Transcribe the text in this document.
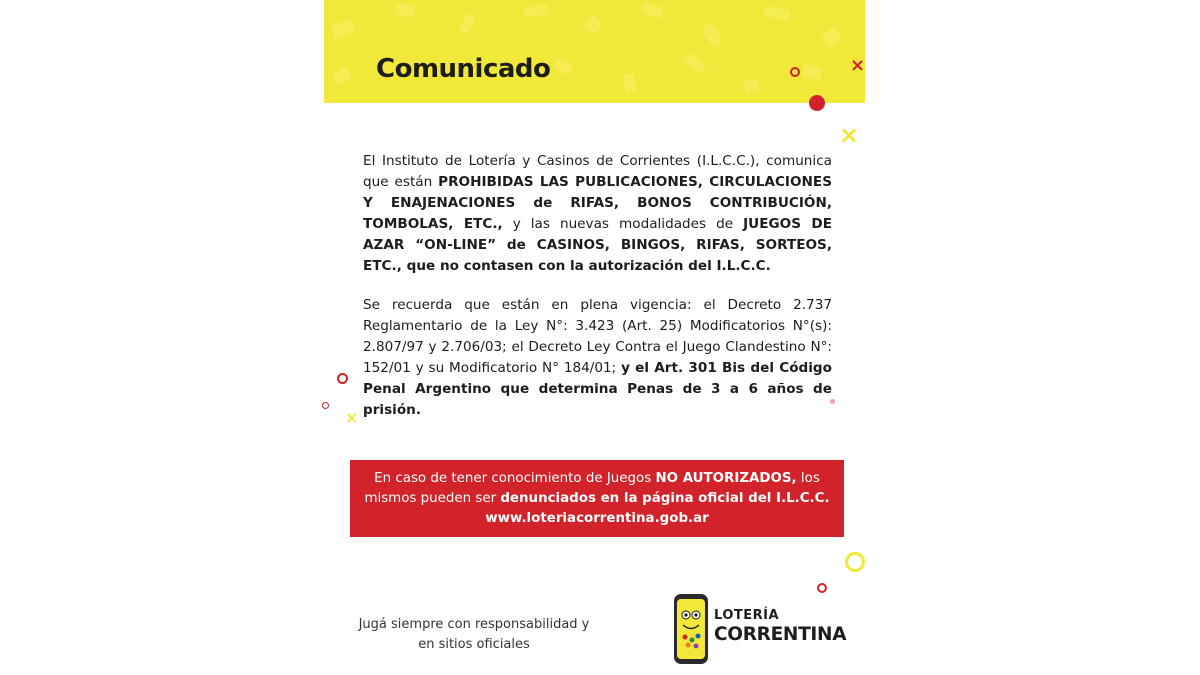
Comunicado

El Instituto de Lotería y Casinos de Corrientes (I.L.C.C.), comunica que están PROHIBIDAS LAS PUBLICACIONES, CIRCULACIONES Y ENAJENACIONES de RIFAS, BONOS CONTRIBUCIÓN, TOMBOLAS, ETC., y las nuevas modalidades de JUEGOS DE AZAR “ON-LINE” de CASINOS, BINGOS, RIFAS, SORTEOS, ETC., que no contasen con la autorización del I.L.C.C.

Se recuerda que están en plena vigencia: el Decreto 2.737 Reglamentario de la Ley N°: 3.423 (Art. 25) Modificatorios N°(s): 2.807/97 y 2.706/03; el Decreto Ley Contra el Juego Clandestino N°: 152/01 y su Modificatorio N° 184/01; y el Art. 301 Bis del Código Penal Argentino que determina Penas de 3 a 6 años de prisión.

En caso de tener conocimiento de Juegos NO AUTORIZADOS, los mismos pueden ser denunciados en la página oficial del I.L.C.C. www.loteriacorrentina.gob.ar
Jugá siempre con responsabilidad y
en sitios oficiales
LOTERÍA
CORRENTINA
×
×
×
